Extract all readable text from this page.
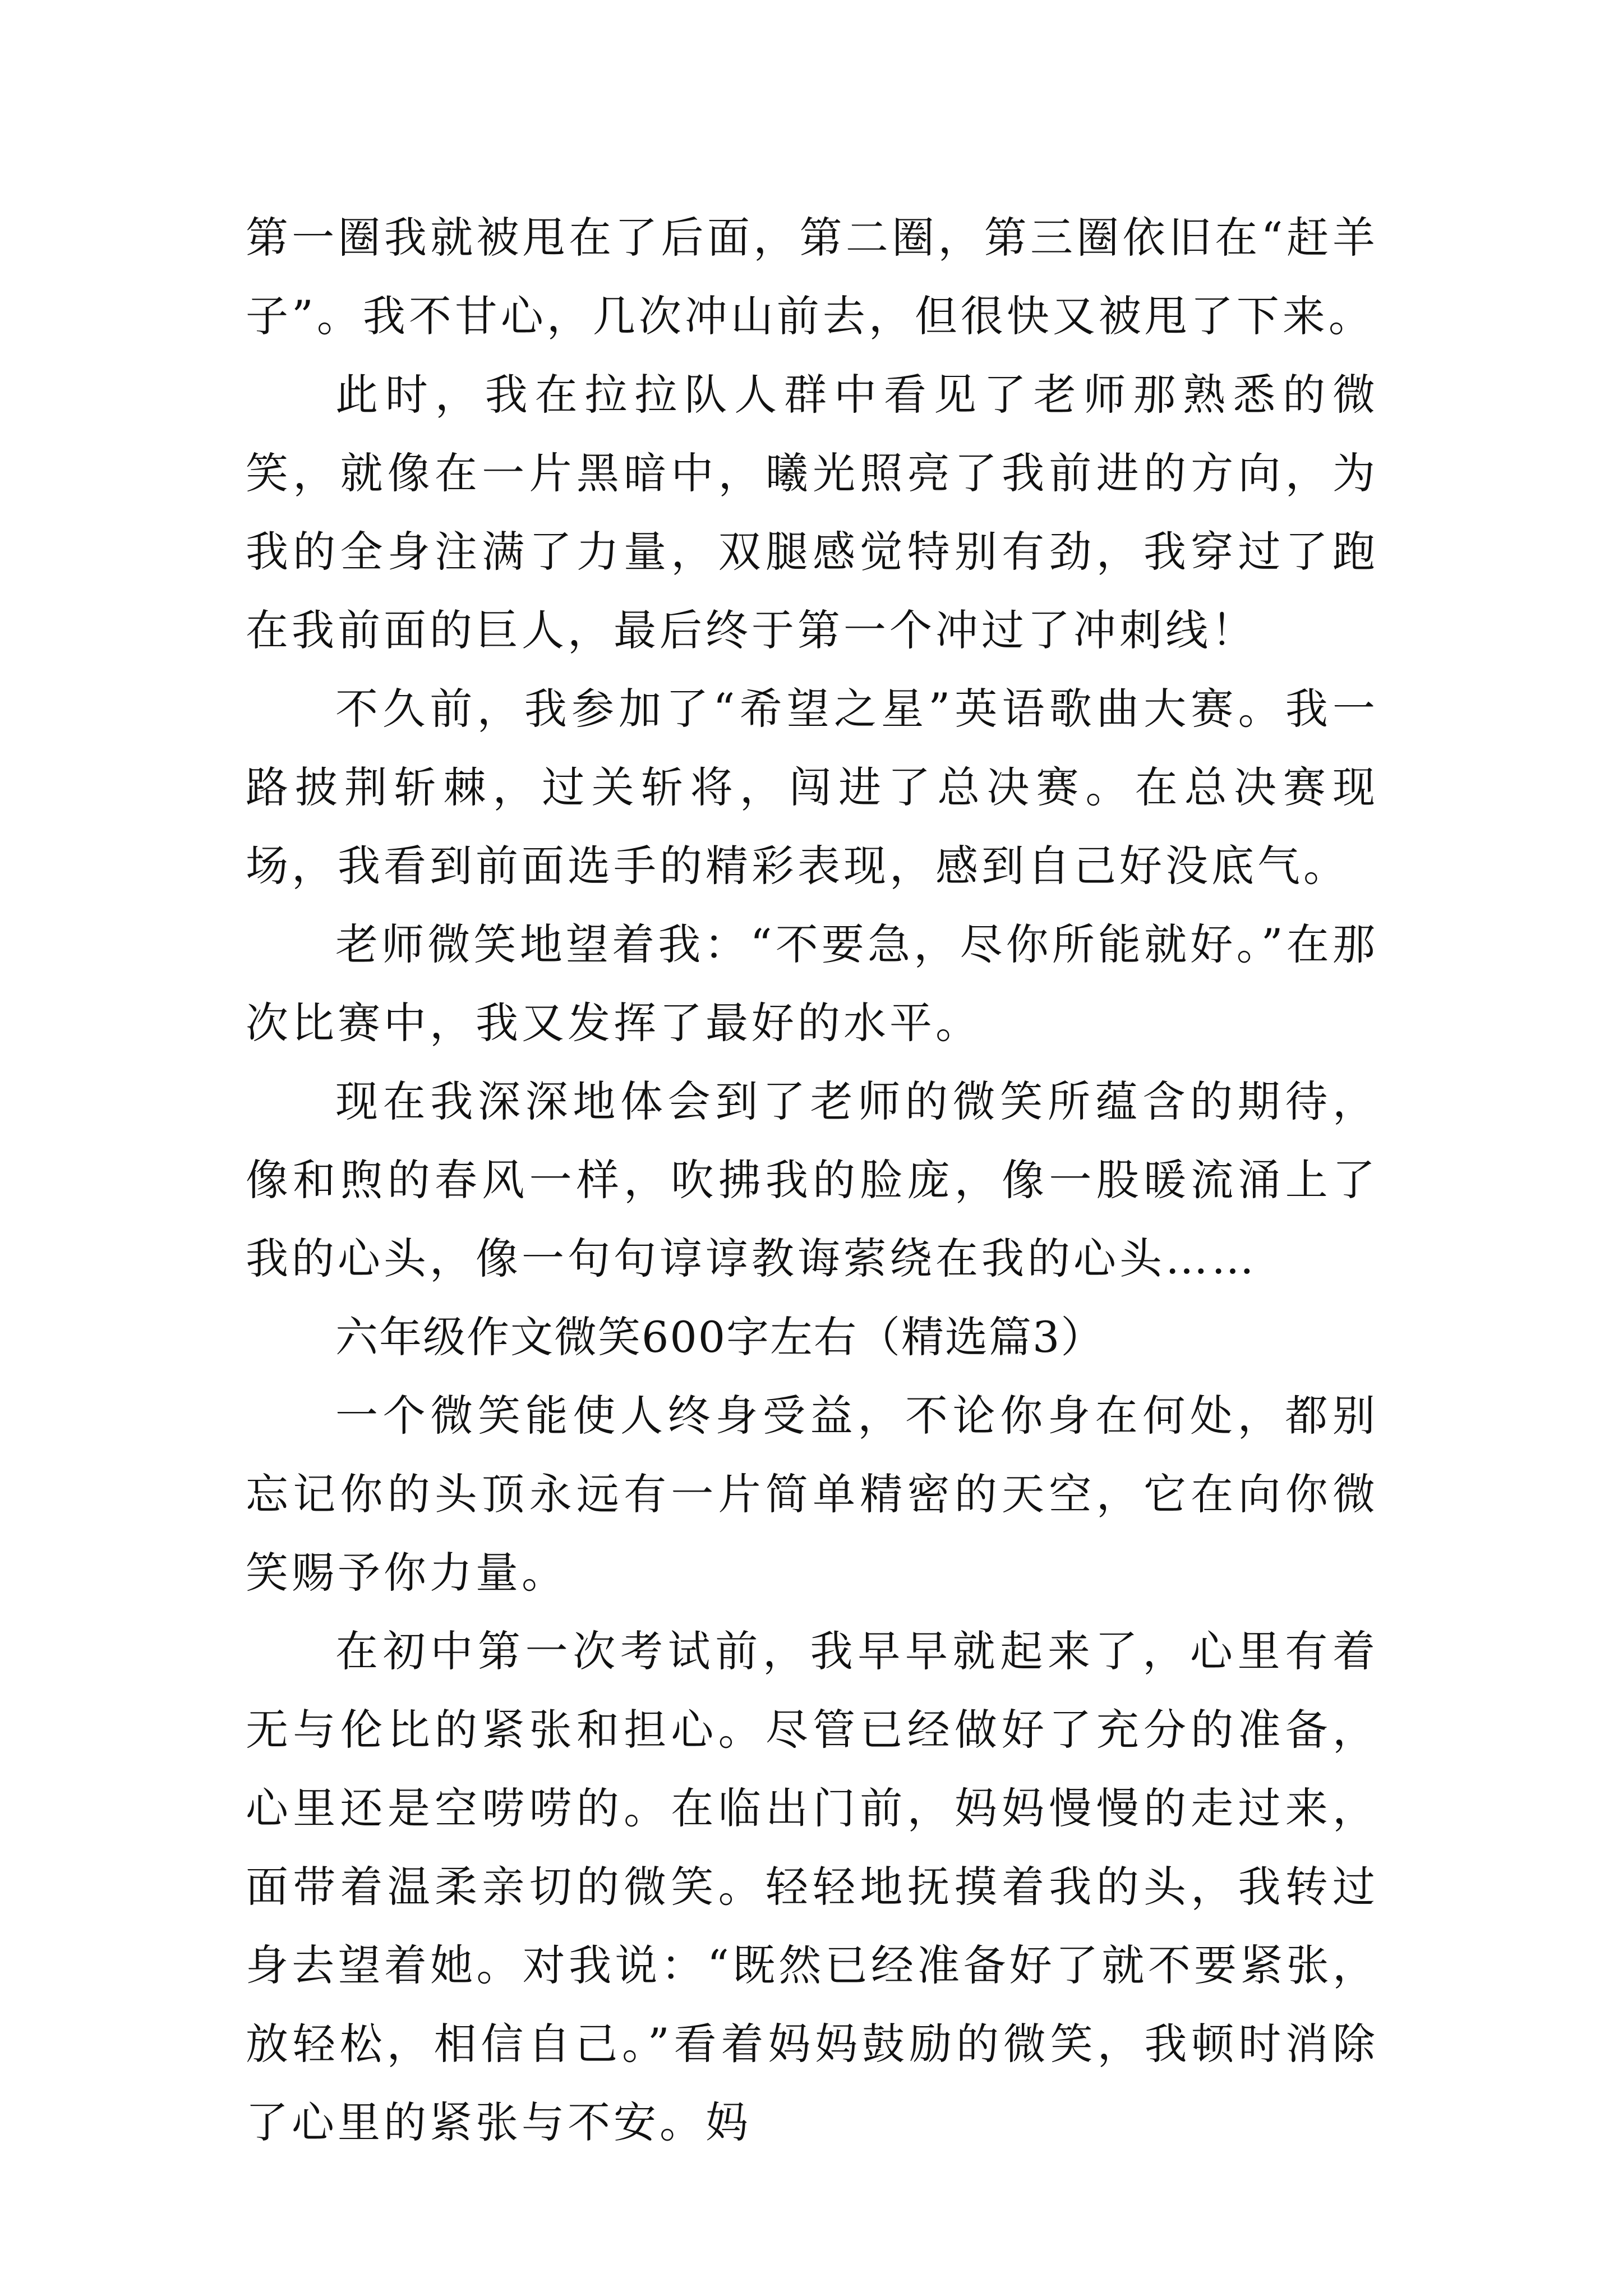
第一圈我就被甩在了后面，第二圈，第三圈依旧在“赶羊子”。我不甘心，几次冲山前去，但很快又被甩了下来。

此时，我在拉拉队人群中看见了老师那熟悉的微笑，就像在一片黑暗中，曦光照亮了我前进的方向，为我的全身注满了力量，双腿感觉特别有劲，我穿过了跑在我前面的巨人，最后终于第一个冲过了冲刺线！

不久前，我参加了“希望之星”英语歌曲大赛。我一路披荆斩棘，过关斩将，闯进了总决赛。在总决赛现场，我看到前面选手的精彩表现，感到自己好没底气。

老师微笑地望着我：“不要急，尽你所能就好。”在那次比赛中，我又发挥了最好的水平。

现在我深深地体会到了老师的微笑所蕴含的期待，像和煦的春风一样，吹拂我的脸庞，像一股暖流涌上了我的心头，像一句句谆谆教诲萦绕在我的心头……

六年级作文微笑600字左右（精选篇3）

一个微笑能使人终身受益，不论你身在何处，都别忘记你的头顶永远有一片简单精密的天空，它在向你微笑赐予你力量。

在初中第一次考试前，我早早就起来了，心里有着无与伦比的紧张和担心。尽管已经做好了充分的准备，心里还是空唠唠的。在临出门前，妈妈慢慢的走过来，面带着温柔亲切的微笑。轻轻地抚摸着我的头，我转过身去望着她。对我说：“既然已经准备好了就不要紧张，放轻松，相信自己。”看着妈妈鼓励的微笑，我顿时消除了心里的紧张与不安。妈
